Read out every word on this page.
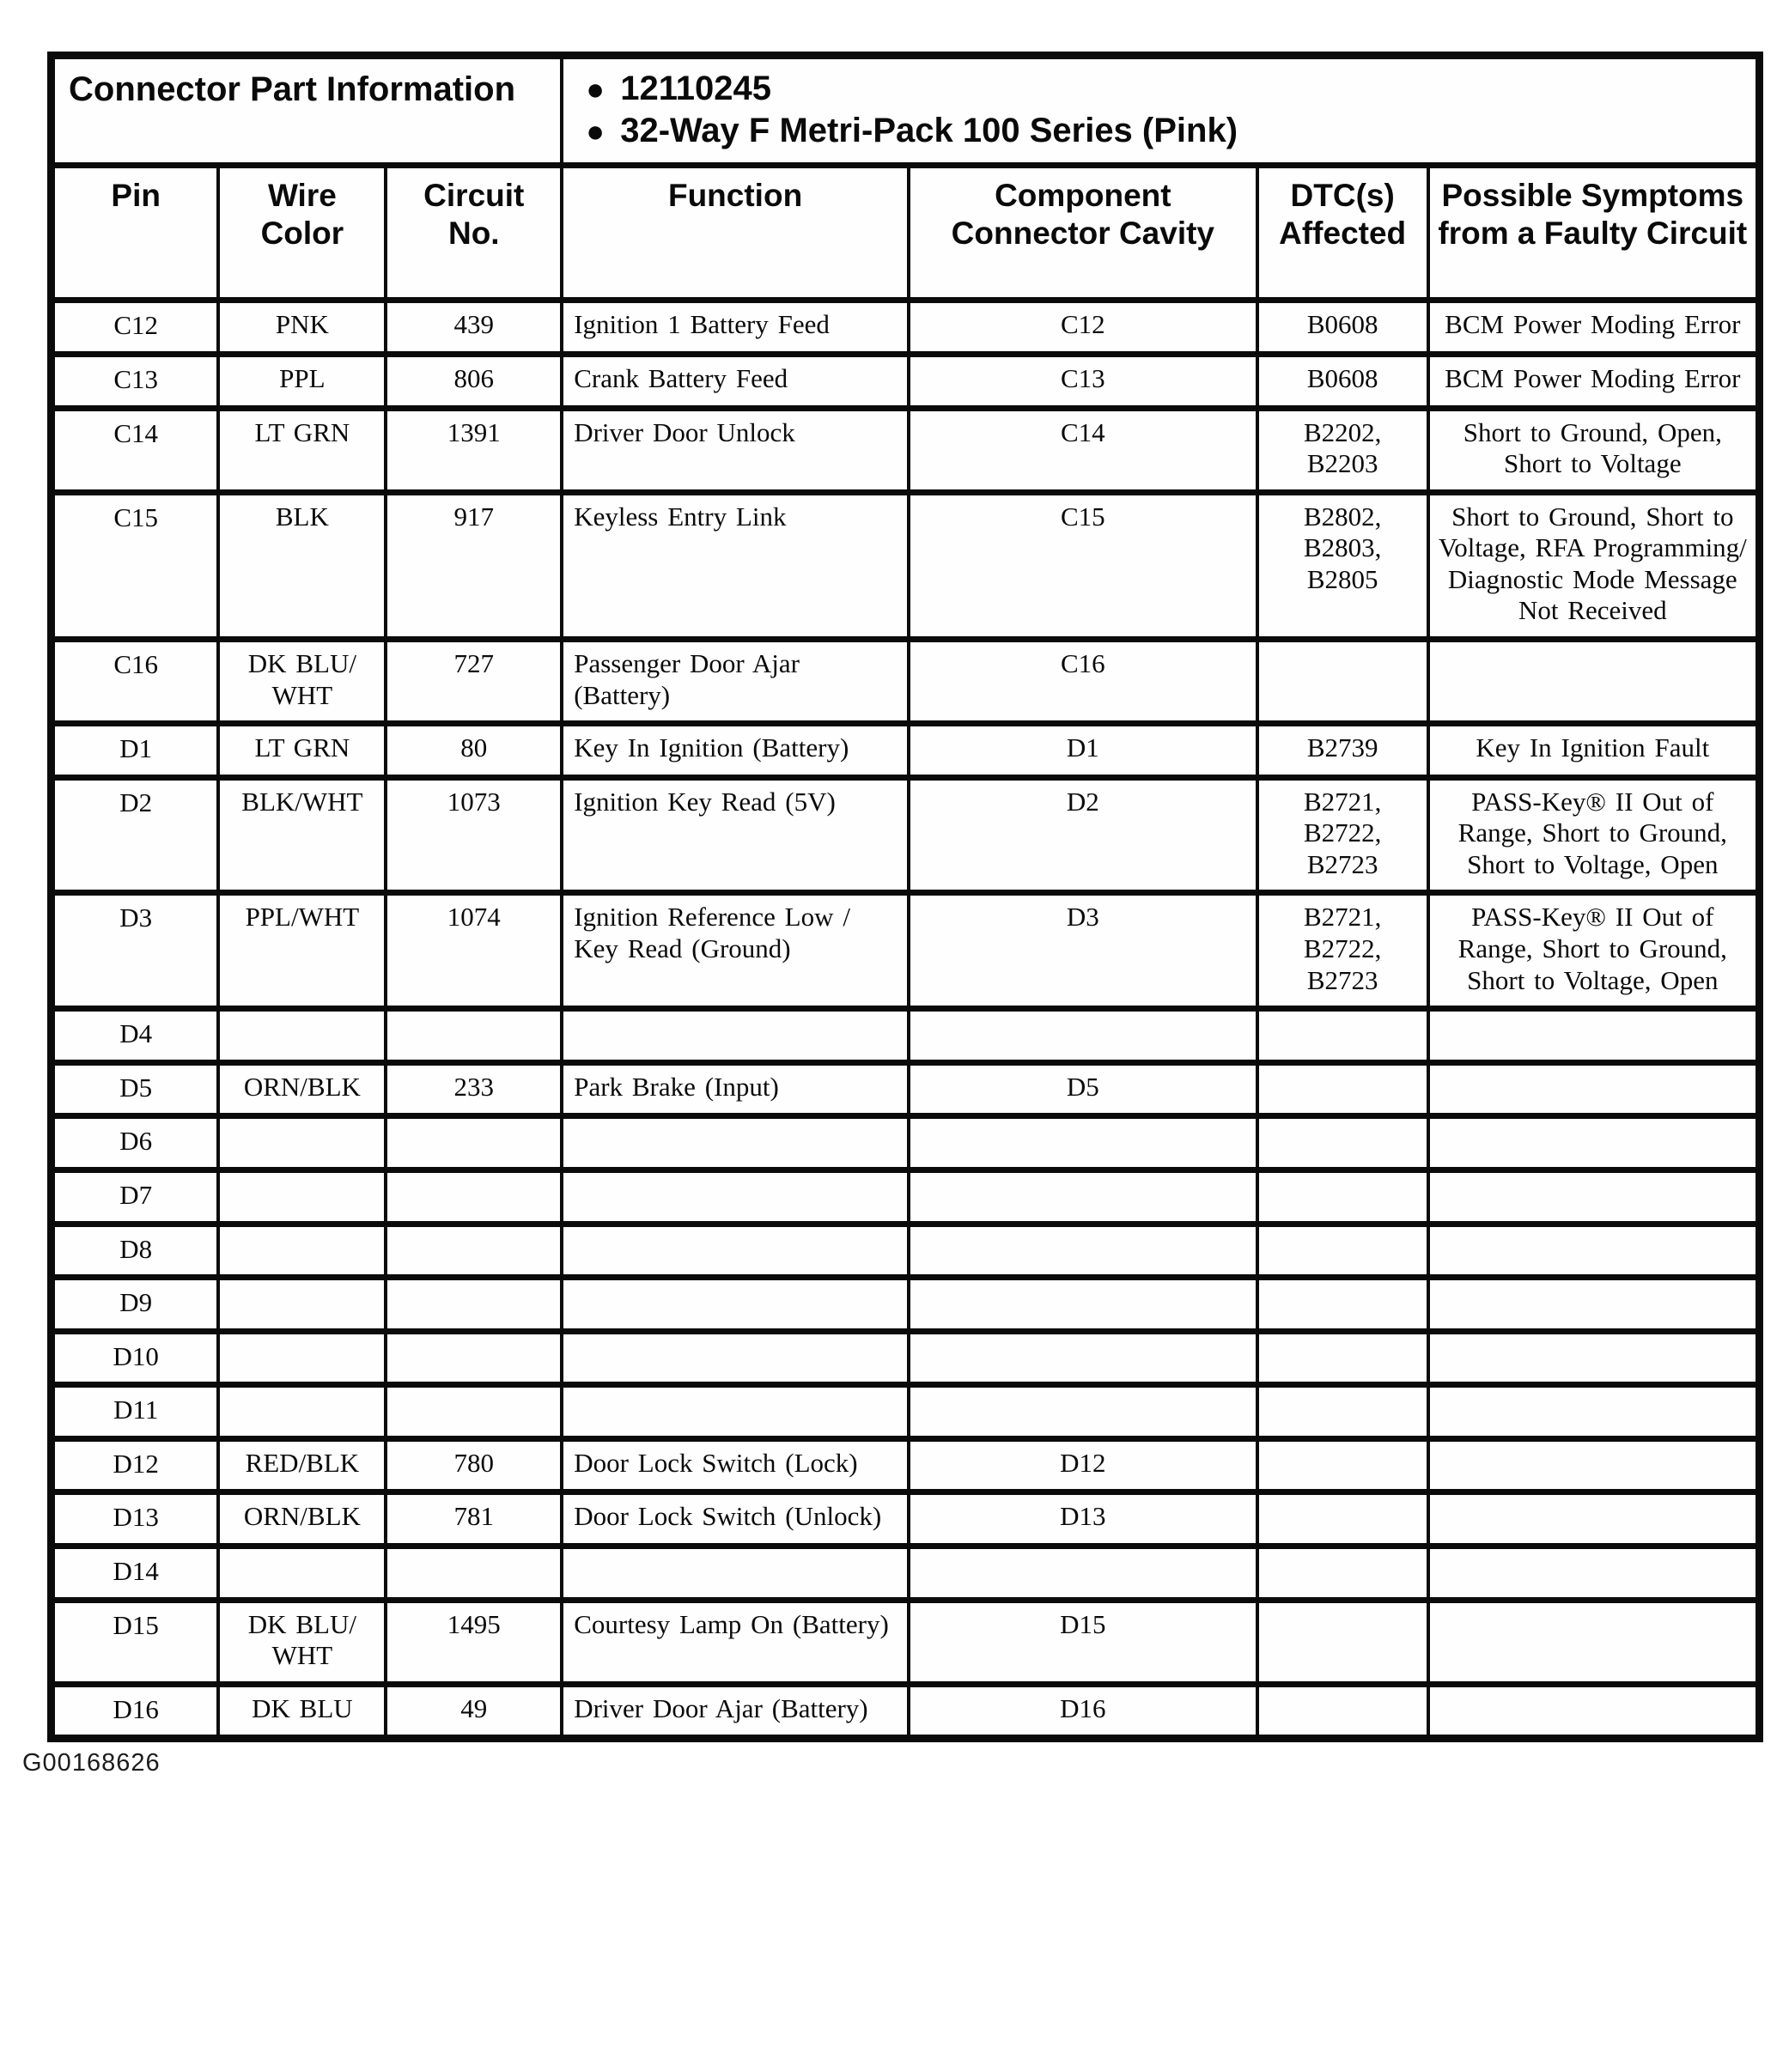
Connector Part Information			● 12110245
● 32-Way F Metri-Pack 100 Series (Pink)			

Pin	Wire Color	Circuit No.	Function	Component Connector Cavity	DTC(s) Affected	Possible Symptoms from a Faulty Circuit
C12	PNK	439	Ignition 1 Battery Feed	C12	B0608	BCM Power Moding Error
C13	PPL	806	Crank Battery Feed	C13	B0608	BCM Power Moding Error
C14	LT GRN	1391	Driver Door Unlock	C14	B2202, B2203	Short to Ground, Open, Short to Voltage
C15	BLK	917	Keyless Entry Link	C15	B2802, B2803, B2805	Short to Ground, Short to Voltage, RFA Programming/ Diagnostic Mode Message Not Received
C16	DK BLU/ WHT	727	Passenger Door Ajar (Battery)	C16		
D1	LT GRN	80	Key In Ignition (Battery)	D1	B2739	Key In Ignition Fault
D2	BLK/WHT	1073	Ignition Key Read (5V)	D2	B2721, B2722, B2723	PASS-Key® II Out of Range, Short to Ground, Short to Voltage, Open
D3	PPL/WHT	1074	Ignition Reference Low / Key Read (Ground)	D3	B2721, B2722, B2723	PASS-Key® II Out of Range, Short to Ground, Short to Voltage, Open
D4						
D5	ORN/BLK	233	Park Brake (Input)	D5		
D6						
D7						
D8						
D9						
D10						
D11						
D12	RED/BLK	780	Door Lock Switch (Lock)	D12		
D13	ORN/BLK	781	Door Lock Switch (Unlock)	D13		
D14						
D15	DK BLU/ WHT	1495	Courtesy Lamp On (Battery)	D15		
D16	DK BLU	49	Driver Door Ajar (Battery)	D16		
G00168626
